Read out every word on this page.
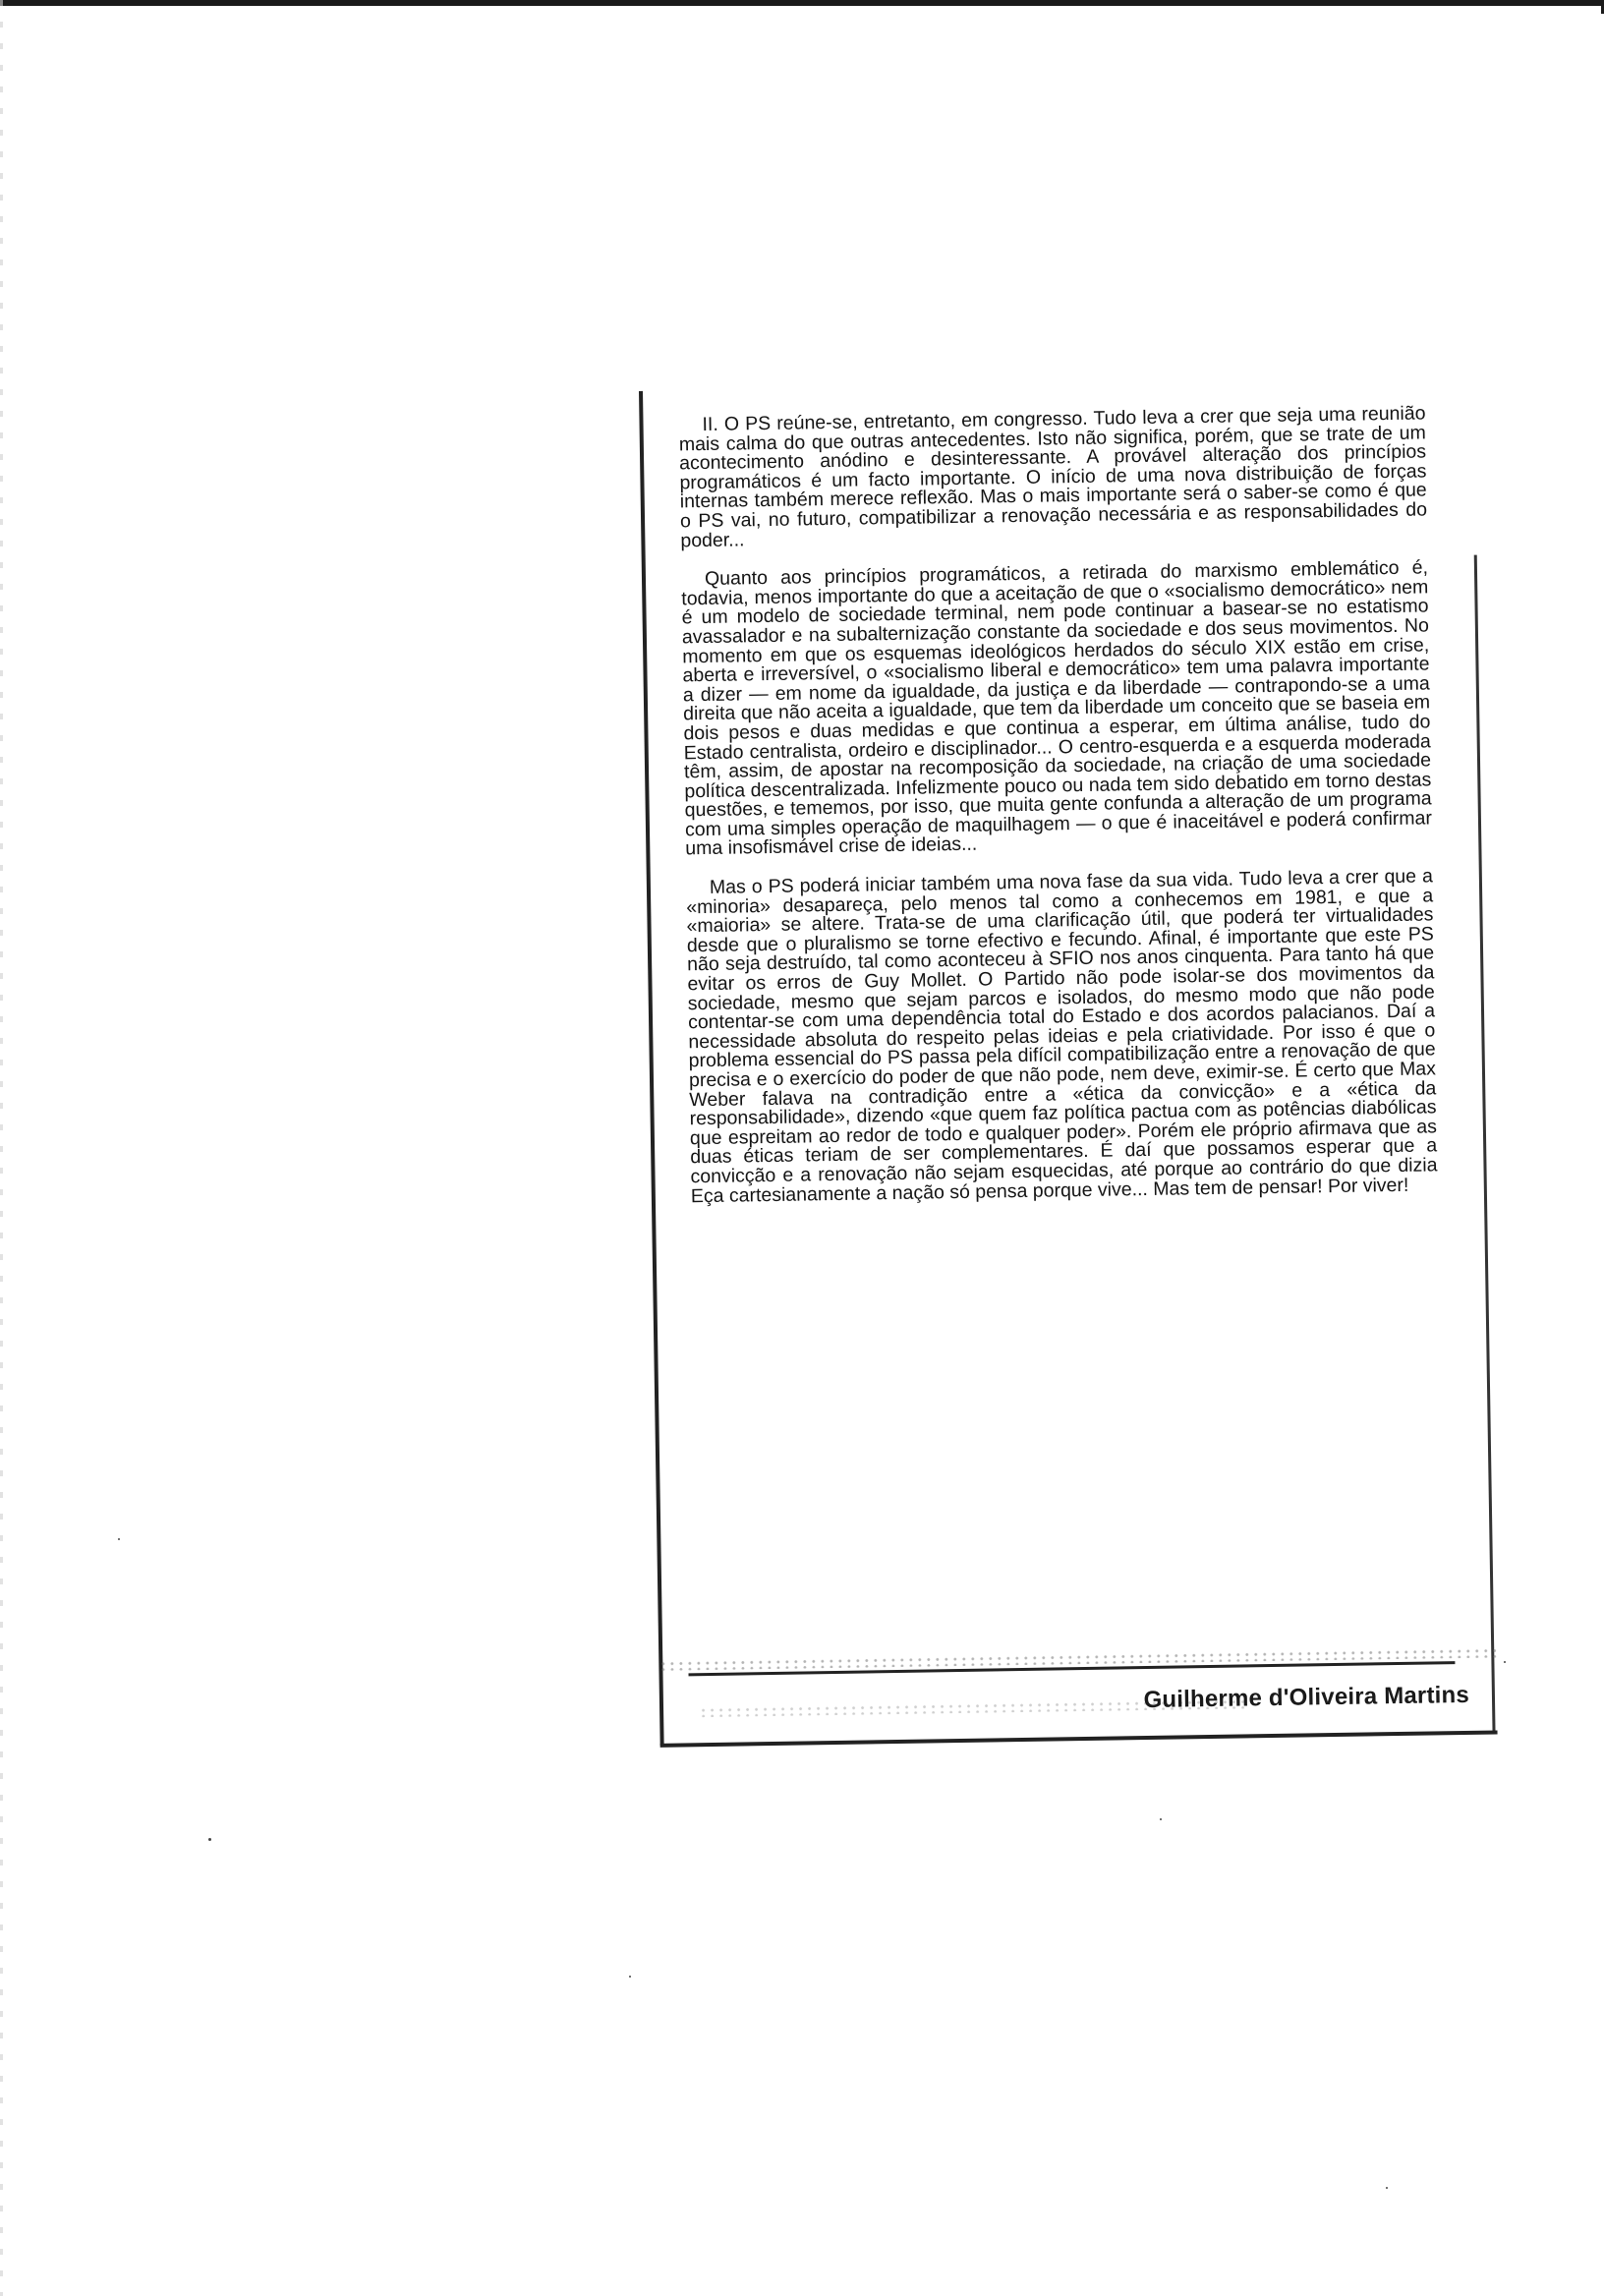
II. O PS reúne-se, entretanto, em congresso. Tudo leva a crer que seja uma reunião mais calma do que outras antecedentes. Isto não significa, porém, que se trate de um acontecimento anódino e desinteressante. A provável alteração dos princípios programáticos é um facto importante. O início de uma nova distribuição de forças internas também merece reflexão. Mas o mais importante será o saber-se como é que o PS vai, no futuro, compatibilizar a renovação necessária e as responsabilidades do poder...

Quanto aos princípios programáticos, a retirada do marxismo emblemático é, todavia, menos importante do que a aceitação de que o «socialismo democrático» nem é um modelo de sociedade terminal, nem pode continuar a basear-se no estatismo avassalador e na subalternização constante da sociedade e dos seus movimentos. No momento em que os esquemas ideológicos herdados do século XIX estão em crise, aberta e irreversível, o «socialismo liberal e democrático» tem uma palavra importante a dizer — em nome da igualdade, da justiça e da liberdade — contrapondo-se a uma direita que não aceita a igualdade, que tem da liberdade um conceito que se baseia em dois pesos e duas medidas e que continua a esperar, em última análise, tudo do Estado centralista, ordeiro e disciplinador... O centro-esquerda e a esquerda moderada têm, assim, de apostar na recomposição da sociedade, na criação de uma sociedade política descentralizada. Infelizmente pouco ou nada tem sido debatido em torno destas questões, e tememos, por isso, que muita gente confunda a alteração de um programa com uma simples operação de maquilhagem — o que é inaceitável e poderá confirmar uma insofismável crise de ideias...

Mas o PS poderá iniciar também uma nova fase da sua vida. Tudo leva a crer que a «minoria» desapareça, pelo menos tal como a conhecemos em 1981, e que a «maioria» se altere. Trata-se de uma clarificação útil, que poderá ter virtualidades desde que o pluralismo se torne efectivo e fecundo. Afinal, é importante que este PS não seja destruído, tal como aconteceu à SFIO nos anos cinquenta. Para tanto há que evitar os erros de Guy Mollet. O Partido não pode isolar-se dos movimentos da sociedade, mesmo que sejam parcos e isolados, do mesmo modo que não pode contentar-se com uma dependência total do Estado e dos acordos palacianos. Daí a necessidade absoluta do respeito pelas ideias e pela criatividade. Por isso é que o problema essencial do PS passa pela difícil compatibilização entre a renovação de que precisa e o exercício do poder de que não pode, nem deve, eximir-se. É certo que Max Weber falava na contradição entre a «ética da convicção» e a «ética da responsabilidade», dizendo «que quem faz política pactua com as potências diabólicas que espreitam ao redor de todo e qualquer poder». Porém ele próprio afirmava que as duas éticas teriam de ser complementares. É daí que possamos esperar que a convicção e a renovação não sejam esquecidas, até porque ao contrário do que dizia Eça cartesianamente a nação só pensa porque vive... Mas tem de pensar! Por viver!

Guilherme d'Oliveira Martins
